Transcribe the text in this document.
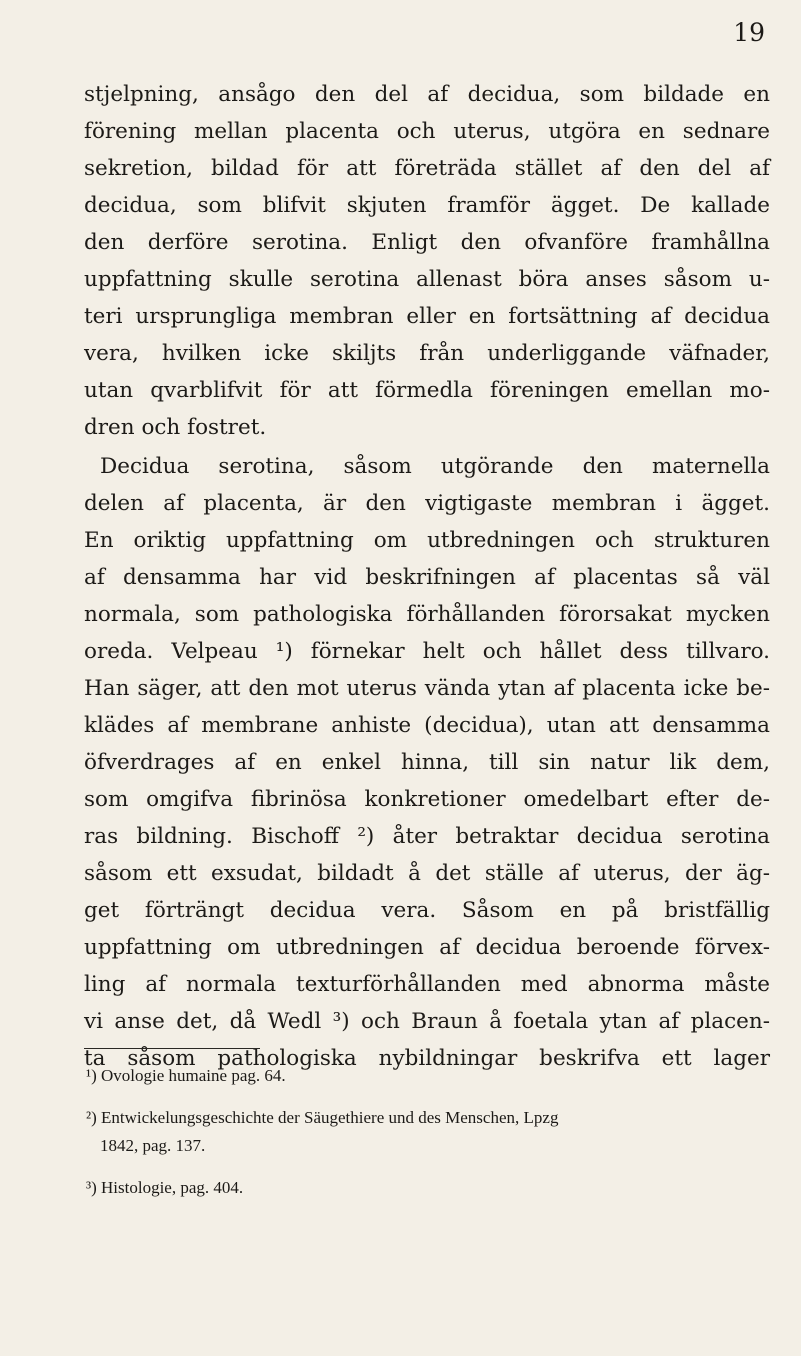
19
stjelpning, ansågo den del af decidua, som bildade en
förening mellan placenta och uterus, utgöra en sednare
sekretion, bildad för att företräda stället af den del af
decidua, som blifvit skjuten framför ägget. De kallade
den derföre serotina. Enligt den ofvanföre framhållna
uppfattning skulle serotina allenast böra anses såsom u-
teri ursprungliga membran eller en fortsättning af decidua
vera, hvilken icke skiljts från underliggande väfnader,
utan qvarblifvit för att förmedla föreningen emellan mo-
dren och fostret.
Decidua serotina, såsom utgörande den maternella
delen af placenta, är den vigtigaste membran i ägget.
En oriktig uppfattning om utbredningen och strukturen
af densamma har vid beskrifningen af placentas så väl
normala, som pathologiska förhållanden förorsakat mycken
oreda. Velpeau ¹) förnekar helt och hållet dess tillvaro.
Han säger, att den mot uterus vända ytan af placenta icke be-
klädes af membrane anhiste (decidua), utan att densamma
öfverdrages af en enkel hinna, till sin natur lik dem,
som omgifva fibrinösa konkretioner omedelbart efter de-
ras bildning. Bischoff ²) åter betraktar decidua serotina
såsom ett exsudat, bildadt å det ställe af uterus, der äg-
get förträngt decidua vera. Såsom en på bristfällig
uppfattning om utbredningen af decidua beroende förvex-
ling af normala texturförhållanden med abnorma måste
vi anse det, då Wedl ³) och Braun å foetala ytan af placen-
ta såsom pathologiska nybildningar beskrifva ett lager
¹) Ovologie humaine pag. 64.
²) Entwickelungsgeschichte der Säugethiere und des Menschen, Lpzg
1842, pag. 137.
³) Histologie, pag. 404.
